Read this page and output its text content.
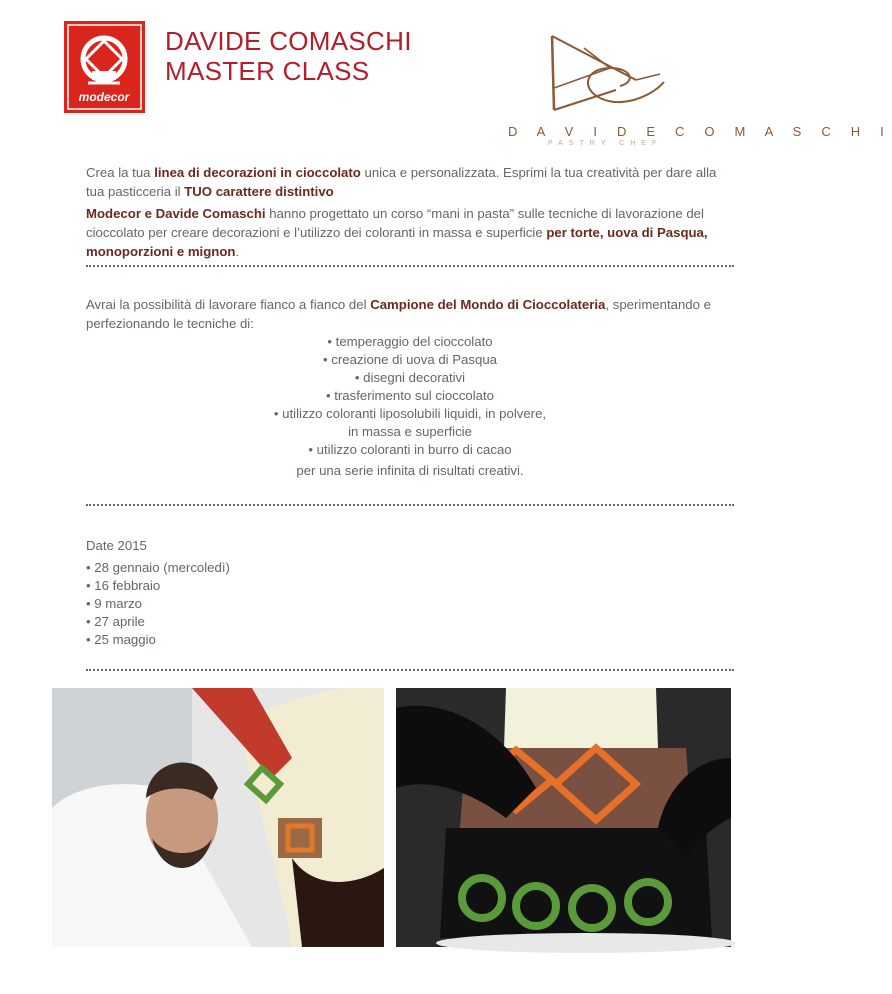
modecor
DAVIDE COMASCHI
MASTER CLASS
D A V I D E C O M A S C H I
PASTRY CHEF
Crea la tua linea di decorazioni in cioccolato unica e personalizzata. Esprimi la tua creatività per dare alla tua pasticceria il TUO carattere distintivo
Modecor e Davide Comaschi hanno progettato un corso “mani in pasta” sulle tecniche di lavorazione del cioccolato per creare decorazioni e l’utilizzo dei coloranti in massa e superficie per torte, uova di Pasqua, monoporzioni e mignon.
Avrai la possibilità di lavorare fianco a fianco del Campione del Mondo di Cioccolateria, sperimentando e perfezionando le tecniche di:
• temperaggio del cioccolato
• creazione di uova di Pasqua
• disegni decorativi
• trasferimento sul cioccolato
• utilizzo coloranti liposolubili liquidi, in polvere,
in massa e superficie
• utilizzo coloranti in burro di cacao
per una serie infinita di risultati creativi.
Date 2015
• 28 gennaio (mercoledì)
• 16 febbraio
• 9 marzo
• 27 aprile
• 25 maggio
